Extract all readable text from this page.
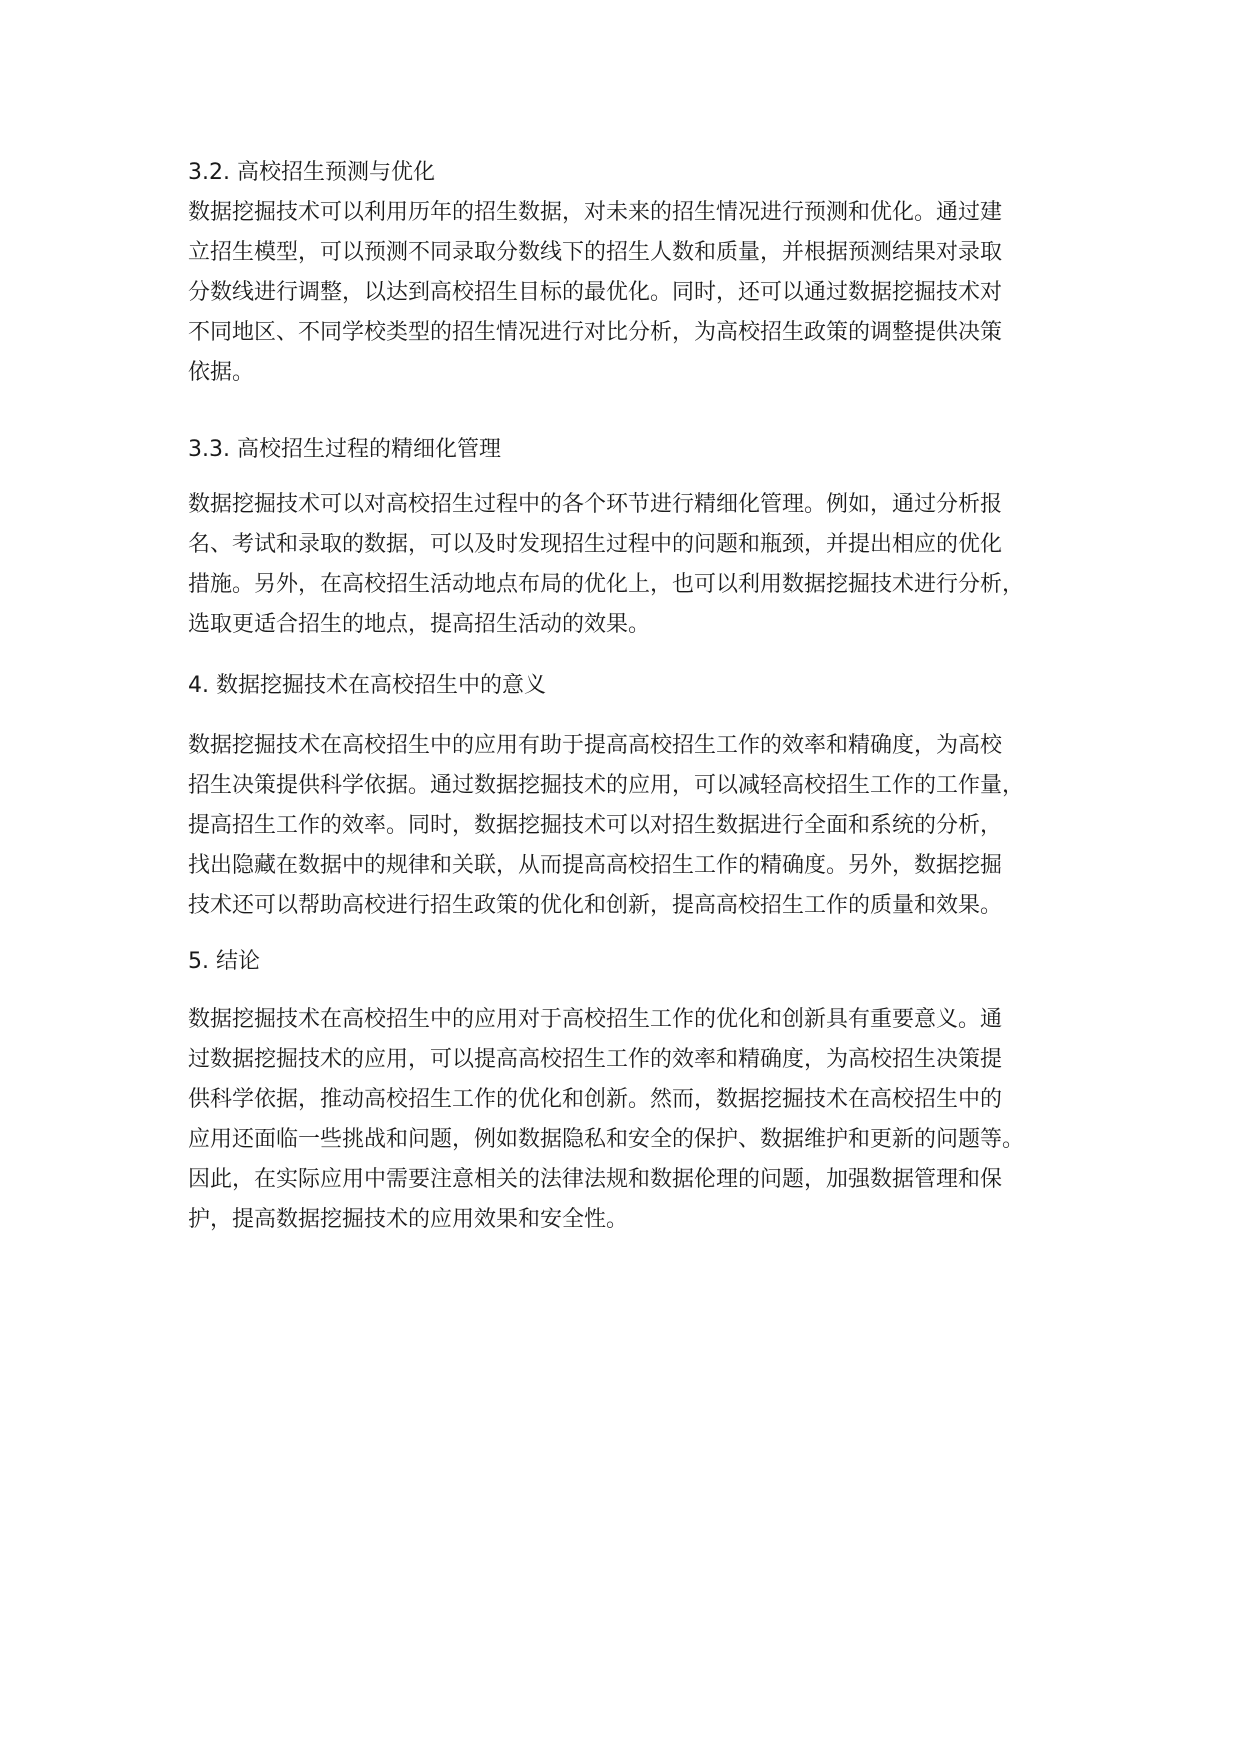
3.2. 高校招生预测与优化
数据挖掘技术可以利用历年的招生数据，对未来的招生情况进行预测和优化。通过建
立招生模型，可以预测不同录取分数线下的招生人数和质量，并根据预测结果对录取
分数线进行调整，以达到高校招生目标的最优化。同时，还可以通过数据挖掘技术对
不同地区、不同学校类型的招生情况进行对比分析，为高校招生政策的调整提供决策
依据。
3.3. 高校招生过程的精细化管理
数据挖掘技术可以对高校招生过程中的各个环节进行精细化管理。例如，通过分析报
名、考试和录取的数据，可以及时发现招生过程中的问题和瓶颈，并提出相应的优化
措施。另外，在高校招生活动地点布局的优化上，也可以利用数据挖掘技术进行分析，
选取更适合招生的地点，提高招生活动的效果。
4. 数据挖掘技术在高校招生中的意义
数据挖掘技术在高校招生中的应用有助于提高高校招生工作的效率和精确度，为高校
招生决策提供科学依据。通过数据挖掘技术的应用，可以减轻高校招生工作的工作量，
提高招生工作的效率。同时，数据挖掘技术可以对招生数据进行全面和系统的分析，
找出隐藏在数据中的规律和关联，从而提高高校招生工作的精确度。另外，数据挖掘
技术还可以帮助高校进行招生政策的优化和创新，提高高校招生工作的质量和效果。
5. 结论
数据挖掘技术在高校招生中的应用对于高校招生工作的优化和创新具有重要意义。通
过数据挖掘技术的应用，可以提高高校招生工作的效率和精确度，为高校招生决策提
供科学依据，推动高校招生工作的优化和创新。然而，数据挖掘技术在高校招生中的
应用还面临一些挑战和问题，例如数据隐私和安全的保护、数据维护和更新的问题等。
因此，在实际应用中需要注意相关的法律法规和数据伦理的问题，加强数据管理和保
护，提高数据挖掘技术的应用效果和安全性。
